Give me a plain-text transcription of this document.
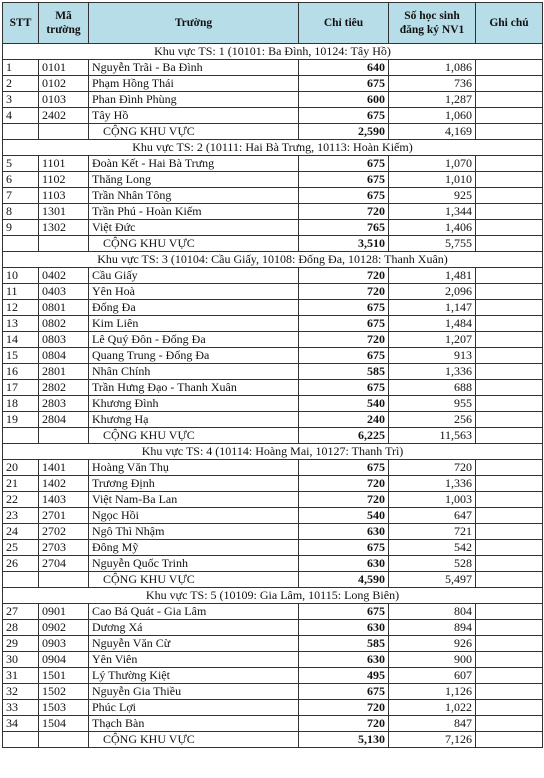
STT	Mã trường	Trường	Chỉ tiêu	Số học sinh đăng ký NV1	Ghi chú
Khu vực TS: 1 (10101: Ba Đình, 10124: Tây Hồ)					
1	0101	Nguyễn Trãi - Ba Đình	640	1,086	
2	0102	Phạm Hồng Thái	675	736	
3	0103	Phan Đình Phùng	600	1,287	
4	2402	Tây Hồ	675	1,060	
		CỘNG KHU VỰC	2,590	4,169	
Khu vực TS: 2 (10111: Hai Bà Trưng, 10113: Hoàn Kiếm)					
5	1101	Đoàn Kết - Hai Bà Trưng	675	1,070	
6	1102	Thăng Long	675	1,010	
7	1103	Trần Nhân Tông	675	925	
8	1301	Trần Phú - Hoàn Kiếm	720	1,344	
9	1302	Việt Đức	765	1,406	
		CỘNG KHU VỰC	3,510	5,755	
Khu vực TS: 3 (10104: Cầu Giấy, 10108: Đống Đa, 10128: Thanh Xuân)					
10	0402	Cầu Giấy	720	1,481	
11	0403	Yên Hoà	720	2,096	
12	0801	Đống Đa	675	1,147	
13	0802	Kim Liên	675	1,484	
14	0803	Lê Quý Đôn - Đống Đa	720	1,207	
15	0804	Quang Trung - Đống Đa	675	913	
16	2801	Nhân Chính	585	1,336	
17	2802	Trần Hưng Đạo - Thanh Xuân	675	688	
18	2803	Khương Đình	540	955	
19	2804	Khương Hạ	240	256	
		CỘNG KHU VỰC	6,225	11,563	
Khu vực TS: 4 (10114: Hoàng Mai, 10127: Thanh Trì)					
20	1401	Hoàng Văn Thụ	675	720	
21	1402	Trương Định	720	1,336	
22	1403	Việt Nam-Ba Lan	720	1,003	
23	2701	Ngọc Hồi	540	647	
24	2702	Ngô Thì Nhậm	630	721	
25	2703	Đông Mỹ	675	542	
26	2704	Nguyễn Quốc Trinh	630	528	
		CỘNG KHU VỰC	4,590	5,497	
Khu vực TS: 5 (10109: Gia Lâm, 10115: Long Biên)					
27	0901	Cao Bá Quát - Gia Lâm	675	804	
28	0902	Dương Xá	630	894	
29	0903	Nguyễn Văn Cừ	585	926	
30	0904	Yên Viên	630	900	
31	1501	Lý Thường Kiệt	495	607	
32	1502	Nguyễn Gia Thiều	675	1,126	
33	1503	Phúc Lợi	720	1,022	
34	1504	Thạch Bàn	720	847	
		CỘNG KHU VỰC	5,130	7,126	
